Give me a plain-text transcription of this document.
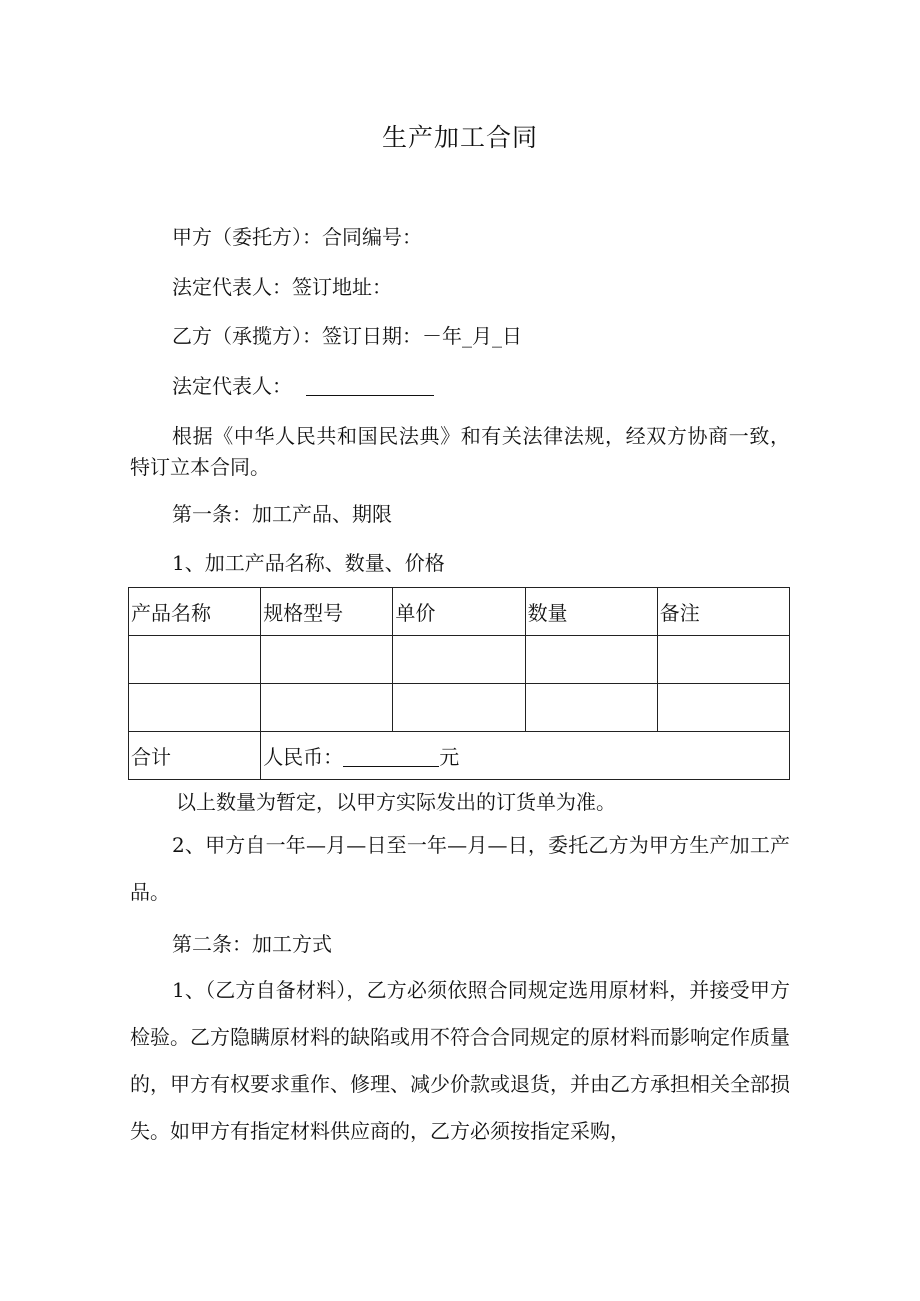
生产加工合同
甲方（委托方）：合同编号：
法定代表人：签订地址：
乙方（承揽方）：签订日期：－年_月_日
法定代表人：
根据《中华人民共和国民法典》和有关法律法规，经双方协商一致，特订立本合同。
第一条：加工产品、期限
1、加工产品名称、数量、价格
产品名称	规格型号	单价	数量	备注

合计	人民币： 元			
以上数量为暂定，以甲方实际发出的订货单为准。
2、甲方自一年—月—日至一年—月—日，委托乙方为甲方生产加工产品。
第二条：加工方式
1、（乙方自备材料），乙方必须依照合同规定选用原材料，并接受甲方检验。乙方隐瞒原材料的缺陷或用不符合合同规定的原材料而影响定作质量的，甲方有权要求重作、修理、减少价款或退货，并由乙方承担相关全部损失。如甲方有指定材料供应商的，乙方必须按指定采购，
